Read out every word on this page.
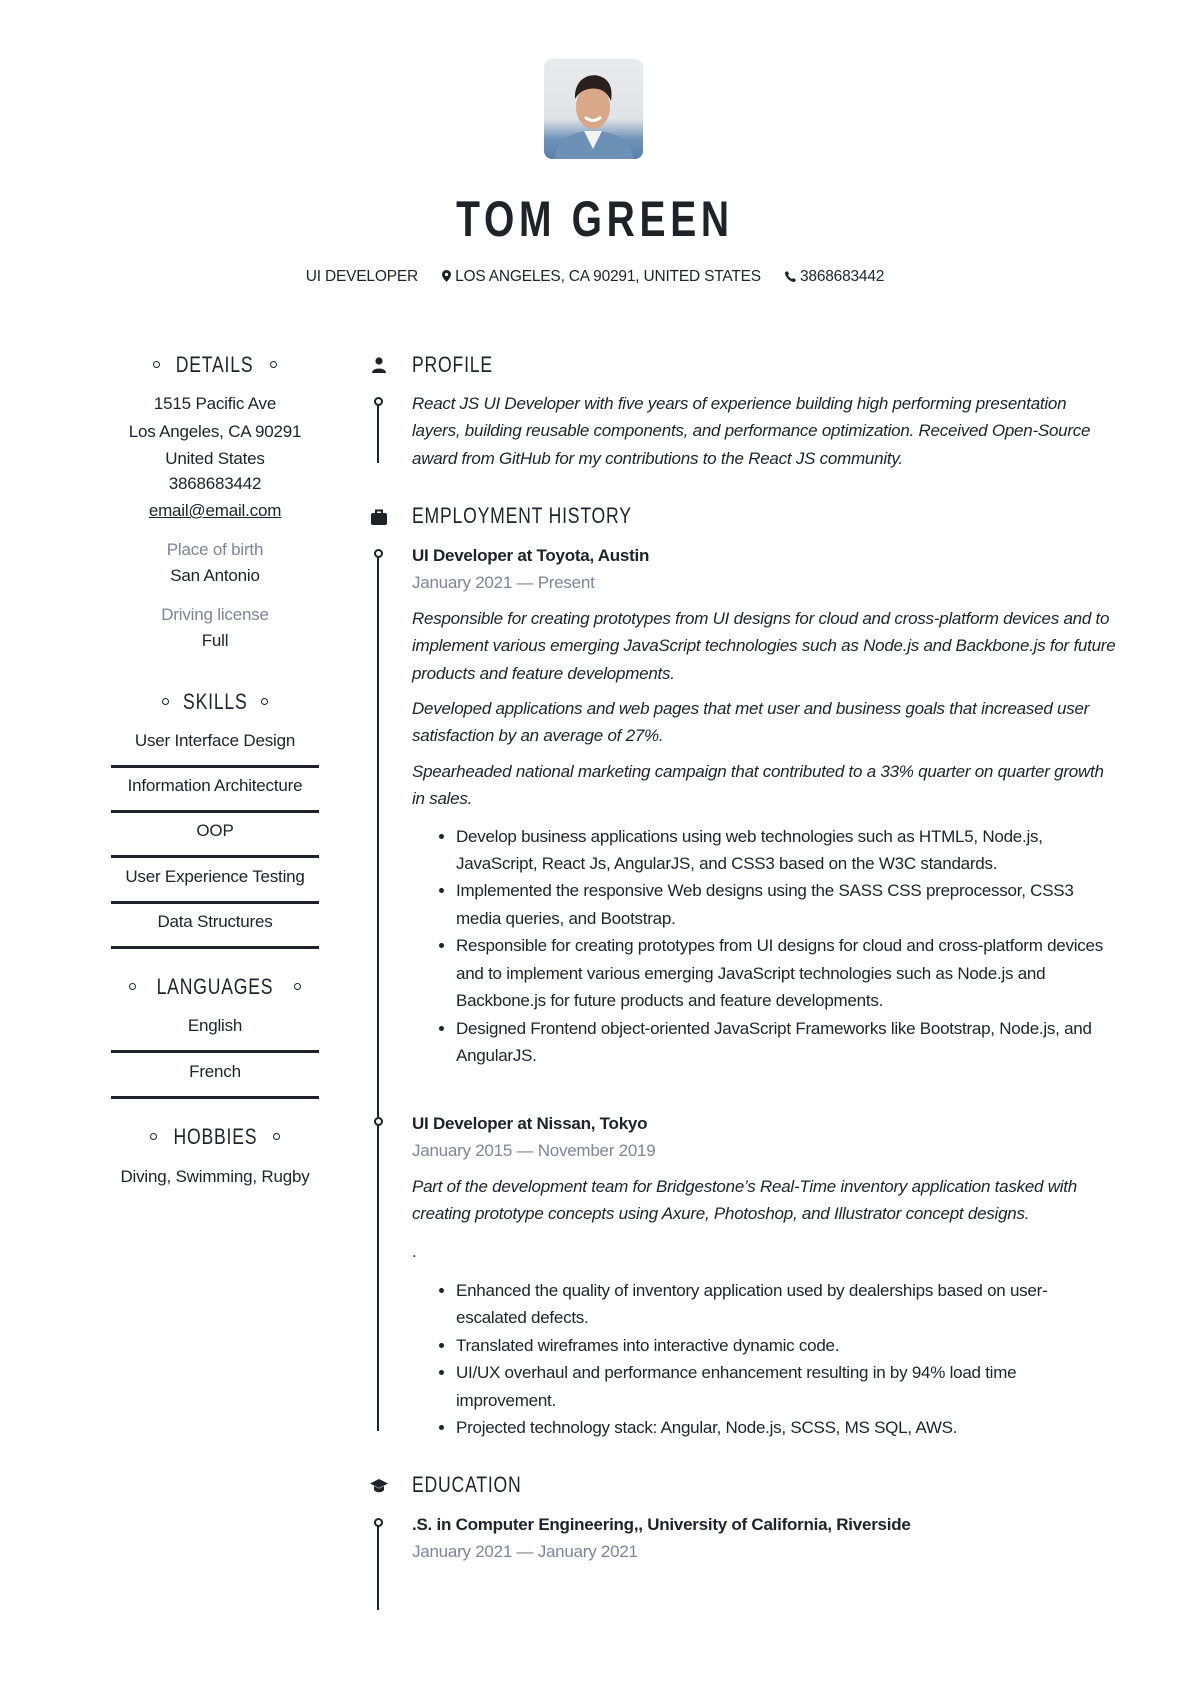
TOM GREEN
UI DEVELOPER LOS ANGELES, CA 90291, UNITED STATES	3868683442
DETAILS
1515 Pacific Ave
Los Angeles, CA 90291
United States
3868683442
email@email.com
Place of birth
San Antonio
Driving license
Full
SKILLS
User Interface Design
Information Architecture
OOP
User Experience Testing
Data Structures
LANGUAGES
English
French
HOBBIES
Diving, Swimming, Rugby
PROFILE
React JS UI Developer with five years of experience building high performing presentation layers, building reusable components, and performance optimization. Received Open-Source award from GitHub for my contributions to the React JS community.
EMPLOYMENT HISTORY

UI Developer at Toyota, Austin

January 2021 — Present

Responsible for creating prototypes from UI designs for cloud and cross-platform devices and to implement various emerging JavaScript technologies such as Node.js and Backbone.js for future products and feature developments.

Developed applications and web pages that met user and business goals that increased user satisfaction by an average of 27%.

Spearheaded national marketing campaign that contributed to a 33% quarter on quarter growth in sales.

• Develop business applications using web technologies such as HTML5, Node.js, JavaScript, React Js, AngularJS, and CSS3 based on the W3C standards.
• Implemented the responsive Web designs using the SASS CSS preprocessor, CSS3 media queries, and Bootstrap.
• Responsible for creating prototypes from UI designs for cloud and cross-platform devices and to implement various emerging JavaScript technologies such as Node.js and Backbone.js for future products and feature developments.
• Designed Frontend object-oriented JavaScript Frameworks like Bootstrap, Node.js, and AngularJS.

UI Developer at Nissan, Tokyo

January 2015 — November 2019

Part of the development team for Bridgestone’s Real-Time inventory application tasked with creating prototype concepts using Axure, Photoshop, and Illustrator concept designs.

.

• Enhanced the quality of inventory application used by dealerships based on user-escalated defects.
• Translated wireframes into interactive dynamic code.
• UI/UX overhaul and performance enhancement resulting in by 94% load time improvement.
• Projected technology stack: Angular, Node.js, SCSS, MS SQL, AWS.
EDUCATION

.S. in Computer Engineering,, University of California, Riverside

January 2021 — January 2021
